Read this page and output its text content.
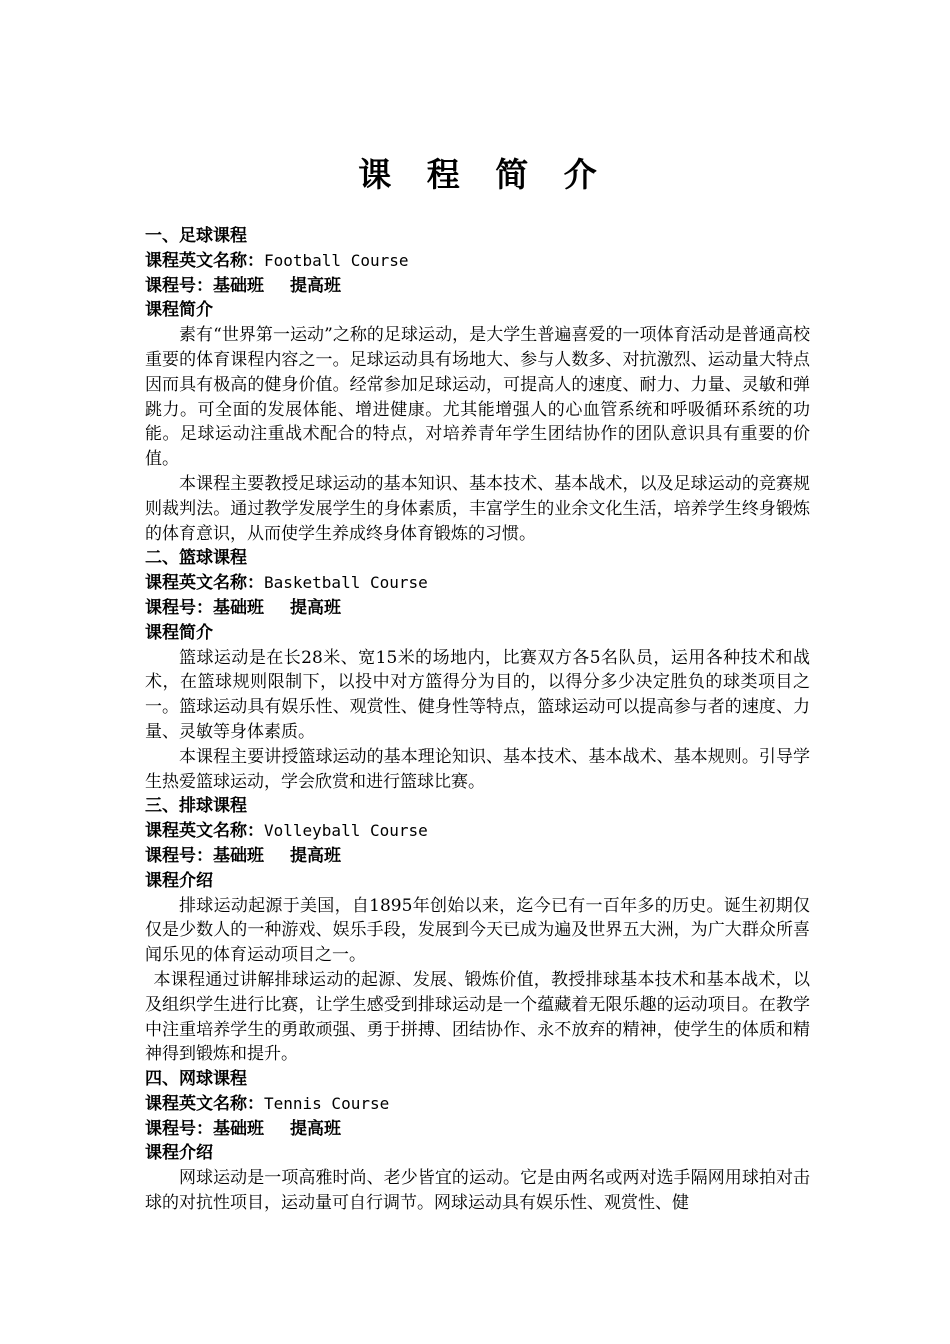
课 程 简 介

一、足球课程

课程英文名称：Football Course

课程号：基础班 提高班

课程简介

素有“世界第一运动”之称的足球运动，是大学生普遍喜爱的一项体育活动是普通高校重要的体育课程内容之一。足球运动具有场地大、参与人数多、对抗激烈、运动量大特点因而具有极高的健身价值。经常参加足球运动，可提高人的速度、耐力、力量、灵敏和弹跳力。可全面的发展体能、增进健康。尤其能增强人的心血管系统和呼吸循环系统的功能。足球运动注重战术配合的特点，对培养青年学生团结协作的团队意识具有重要的价值。

本课程主要教授足球运动的基本知识、基本技术、基本战术，以及足球运动的竞赛规则裁判法。通过教学发展学生的身体素质，丰富学生的业余文化生活，培养学生终身锻炼的体育意识，从而使学生养成终身体育锻炼的习惯。

二、篮球课程

课程英文名称：Basketball Course

课程号：基础班 提高班

课程简介

篮球运动是在长28米、宽15米的场地内，比赛双方各5名队员，运用各种技术和战术，在篮球规则限制下，以投中对方篮得分为目的，以得分多少决定胜负的球类项目之一。篮球运动具有娱乐性、观赏性、健身性等特点，篮球运动可以提高参与者的速度、力量、灵敏等身体素质。

本课程主要讲授篮球运动的基本理论知识、基本技术、基本战术、基本规则。引导学生热爱篮球运动，学会欣赏和进行篮球比赛。

三、排球课程

课程英文名称：Volleyball Course

课程号：基础班 提高班

课程介绍

排球运动起源于美国，自1895年创始以来，迄今已有一百年多的历史。诞生初期仅仅是少数人的一种游戏、娱乐手段，发展到今天已成为遍及世界五大洲，为广大群众所喜闻乐见的体育运动项目之一。

本课程通过讲解排球运动的起源、发展、锻炼价值，教授排球基本技术和基本战术，以及组织学生进行比赛，让学生感受到排球运动是一个蕴藏着无限乐趣的运动项目。在教学中注重培养学生的勇敢顽强、勇于拼搏、团结协作、永不放弃的精神，使学生的体质和精神得到锻炼和提升。

四、网球课程

课程英文名称：Tennis Course

课程号：基础班 提高班

课程介绍

网球运动是一项高雅时尚、老少皆宜的运动。它是由两名或两对选手隔网用球拍对击球的对抗性项目，运动量可自行调节。网球运动具有娱乐性、观赏性、健
